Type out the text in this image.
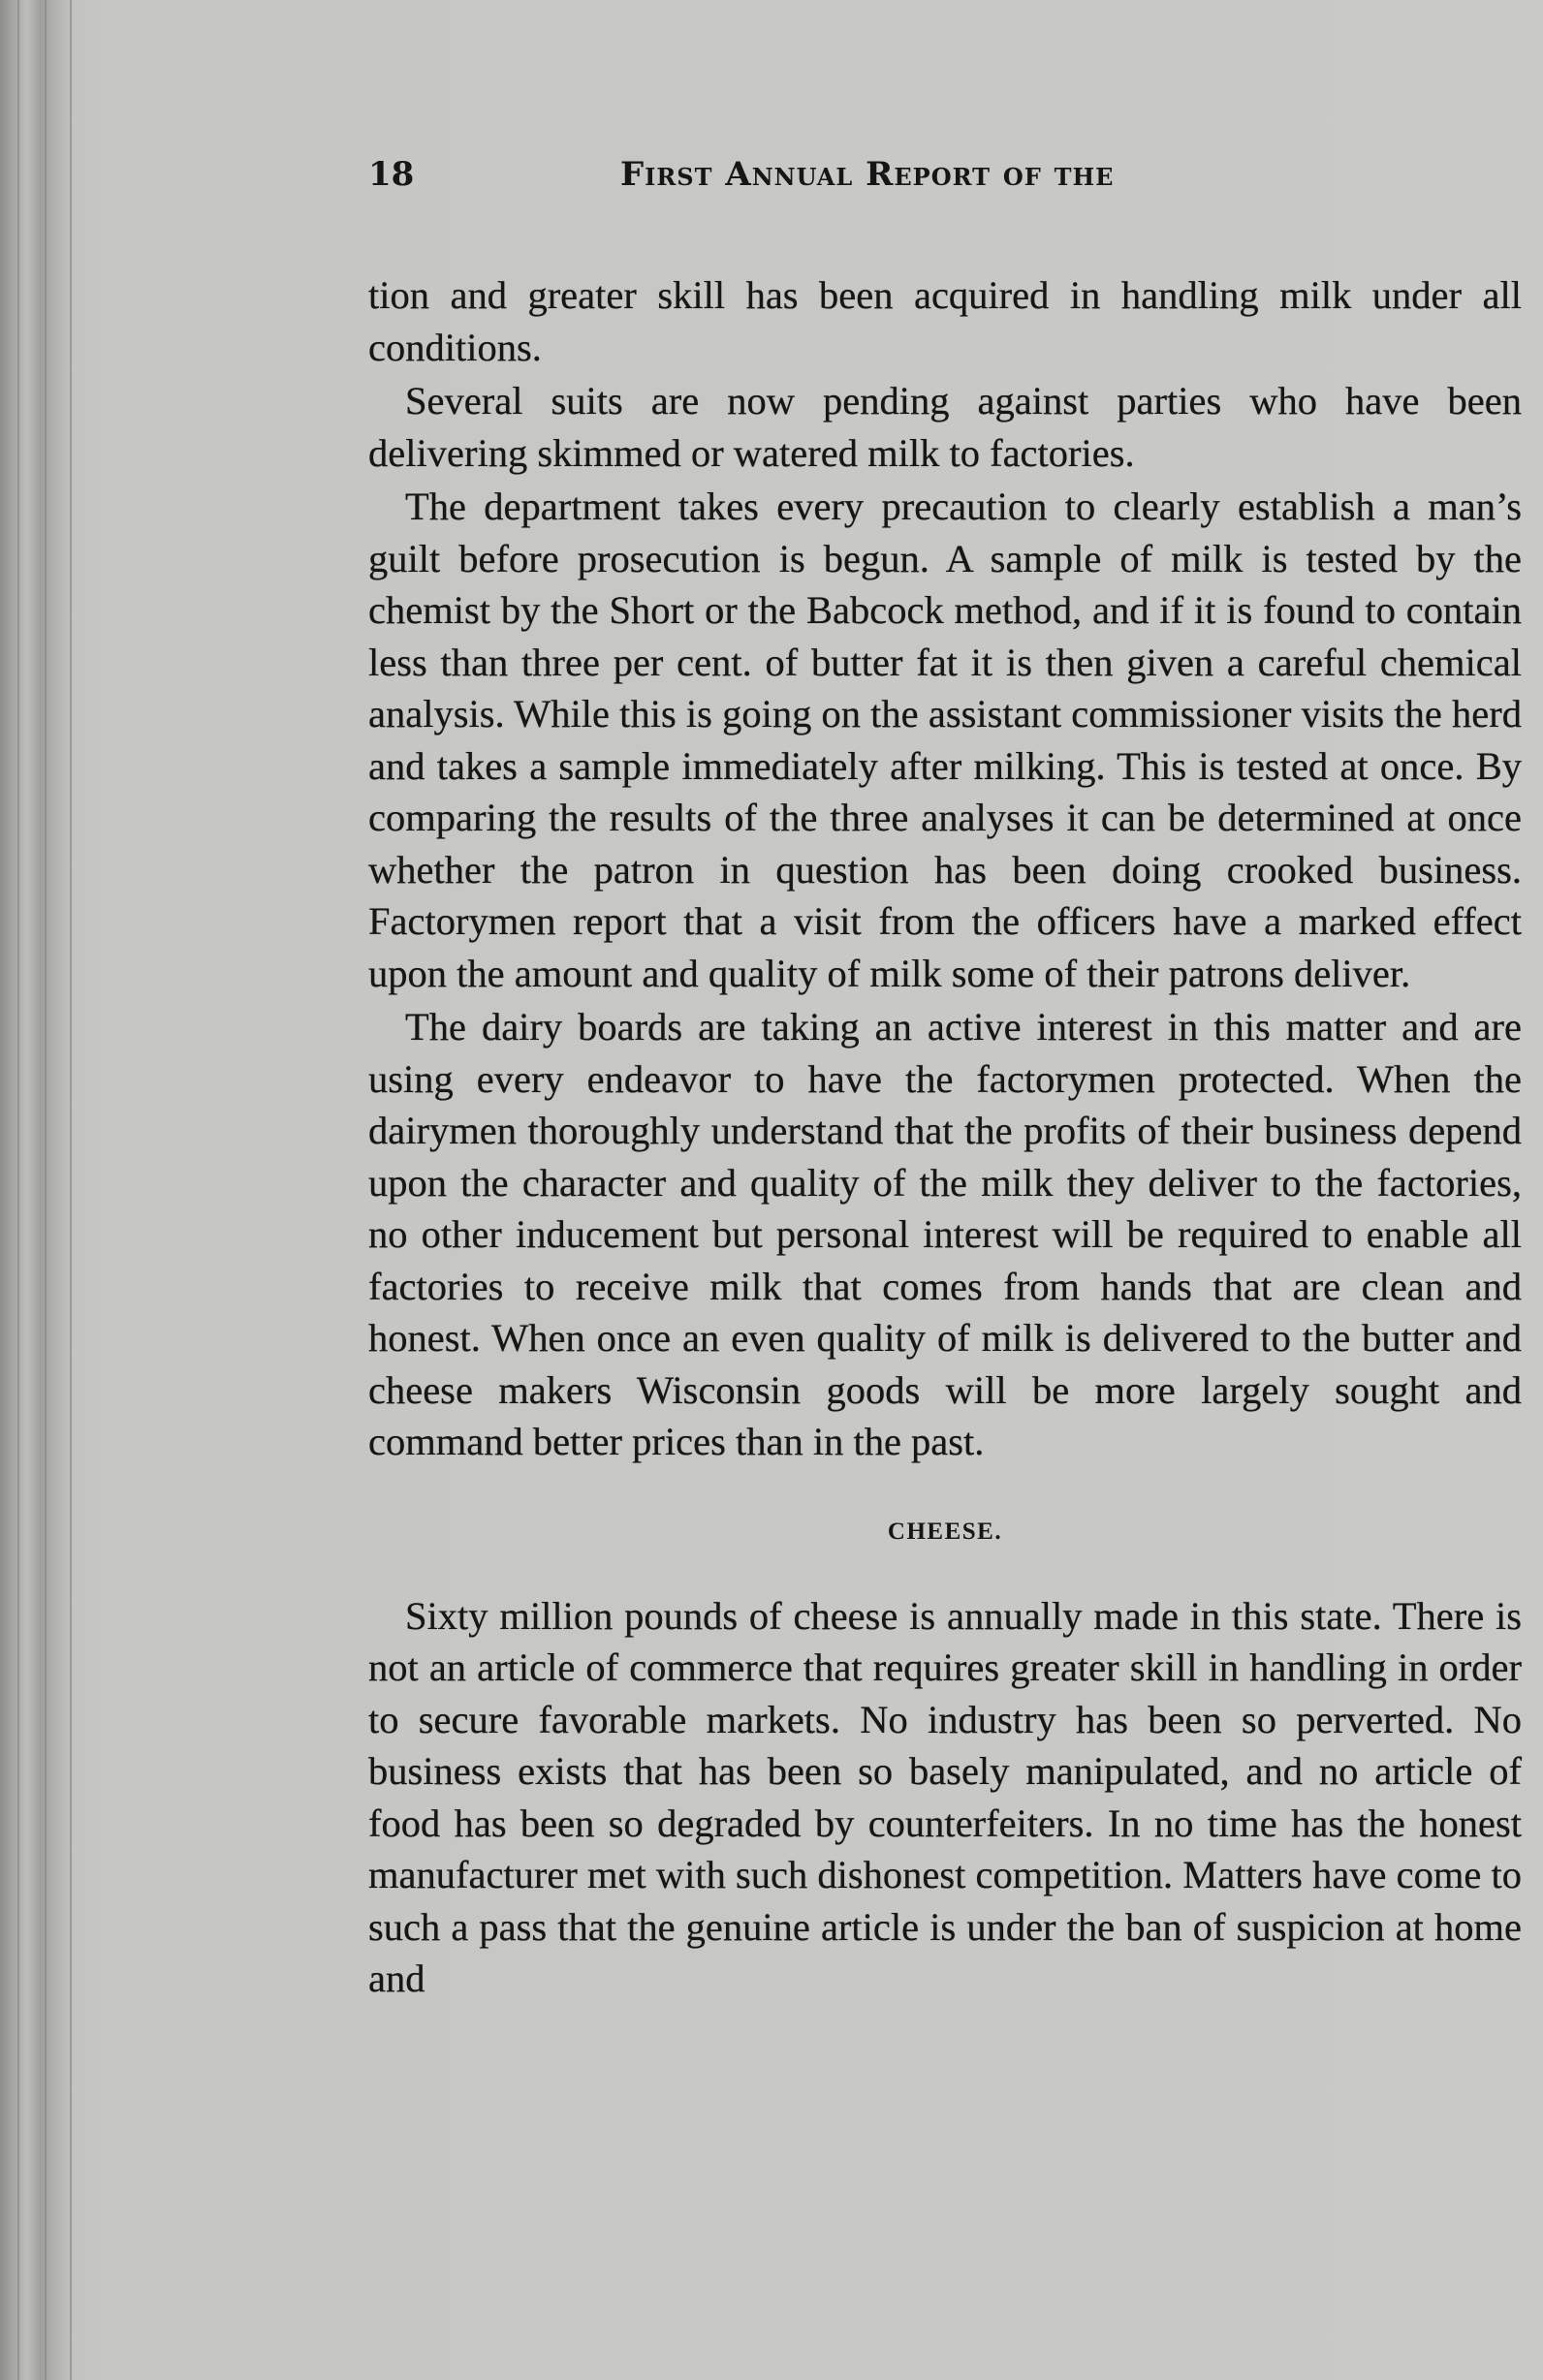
18	First Annual Report of the

tion and greater skill has been acquired in handling milk under all conditions.

Several suits are now pending against parties who have been delivering skimmed or watered milk to factories.

The department takes every precaution to clearly establish a man’s guilt before prosecution is begun. A sample of milk is tested by the chemist by the Short or the Babcock method, and if it is found to contain less than three per cent. of butter fat it is then given a careful chemical analysis. While this is going on the assistant commissioner visits the herd and takes a sample immediately after milking. This is tested at once. By comparing the results of the three analyses it can be determined at once whether the patron in question has been doing crooked business. Factorymen report that a visit from the officers have a marked effect upon the amount and quality of milk some of their patrons deliver.

The dairy boards are taking an active interest in this matter and are using every endeavor to have the factorymen protected. When the dairymen thoroughly understand that the profits of their business depend upon the character and quality of the milk they deliver to the factories, no other inducement but personal interest will be required to enable all factories to receive milk that comes from hands that are clean and honest. When once an even quality of milk is delivered to the butter and cheese makers Wisconsin goods will be more largely sought and command better prices than in the past.

CHEESE.

Sixty million pounds of cheese is annually made in this state. There is not an article of commerce that requires greater skill in handling in order to secure favorable markets. No industry has been so perverted. No business exists that has been so basely manipulated, and no article of food has been so degraded by counterfeiters. In no time has the honest manufacturer met with such dishonest competition. Matters have come to such a pass that the genuine article is under the ban of suspicion at home and
